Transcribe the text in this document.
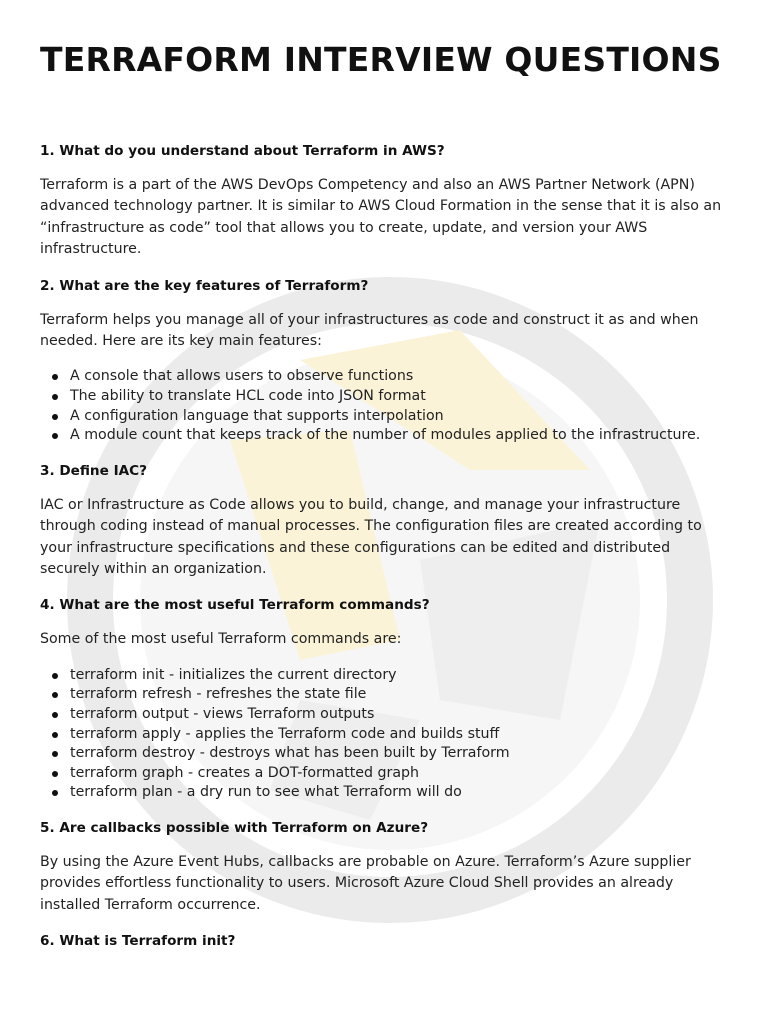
TERRAFORM INTERVIEW QUESTIONS

1. What do you understand about Terraform in AWS?

Terraform is a part of the AWS DevOps Competency and also an AWS Partner Network (APN) advanced technology partner. It is similar to AWS Cloud Formation in the sense that it is also an “infrastructure as code” tool that allows you to create, update, and version your AWS infrastructure.

2. What are the key features of Terraform?

Terraform helps you manage all of your infrastructures as code and construct it as and when needed. Here are its key main features:

A console that allows users to observe functions
The ability to translate HCL code into JSON format
A configuration language that supports interpolation
A module count that keeps track of the number of modules applied to the infrastructure.

3. Define IAC?

IAC or Infrastructure as Code allows you to build, change, and manage your infrastructure through coding instead of manual processes. The configuration files are created according to your infrastructure specifications and these configurations can be edited and distributed securely within an organization.

4. What are the most useful Terraform commands?

Some of the most useful Terraform commands are:

terraform init - initializes the current directory
terraform refresh - refreshes the state file
terraform output - views Terraform outputs
terraform apply - applies the Terraform code and builds stuff
terraform destroy - destroys what has been built by Terraform
terraform graph - creates a DOT-formatted graph
terraform plan - a dry run to see what Terraform will do

5. Are callbacks possible with Terraform on Azure?

By using the Azure Event Hubs, callbacks are probable on Azure. Terraform’s Azure supplier provides effortless functionality to users. Microsoft Azure Cloud Shell provides an already installed Terraform occurrence.

6. What is Terraform init?
